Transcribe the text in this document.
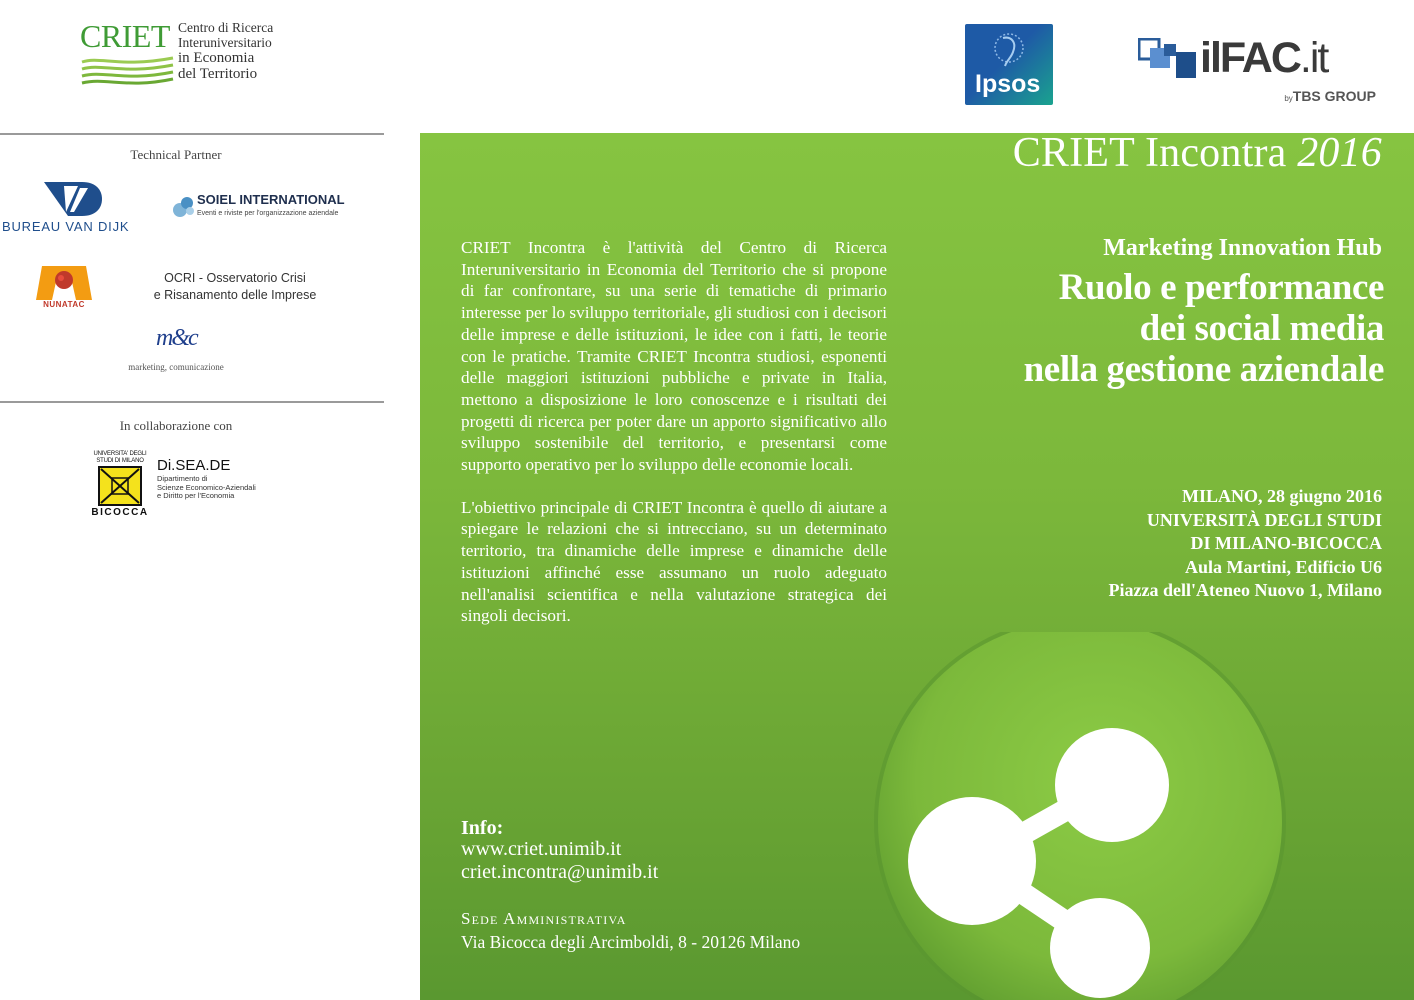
CRIET Centro di Ricerca
Interuniversitario
in Economia
del Territorio	Ipsos
ilFAC.it
byTBS GROUP
Technical Partner
BUREAU VAN DIJK
SOIEL INTERNATIONAL
Eventi e riviste per l'organizzazione aziendale
NUNATAC
OCRI - Osservatorio Crisi
e Risanamento delle Imprese
m&c
marketing, comunicazione
In collaborazione con
UNIVERSITA' DEGLI STUDI DI MILANO
BICOCCA
Di.SEA.DE
Dipartimento di
Scienze Economico-Aziendali
e Diritto per l'Economia
CRIET Incontra 2016
Marketing Innovation Hub
Ruolo e performance
dei social media
nella gestione aziendale
MILANO, 28 giugno 2016
UNIVERSITÀ DEGLI STUDI
DI MILANO-BICOCCA
Aula Martini, Edificio U6
Piazza dell'Ateneo Nuovo 1, Milano

CRIET Incontra è l'attività del Centro di Ricerca Interuniversitario in Economia del Territorio che si propone di far confrontare, su una serie di tematiche di primario interesse per lo sviluppo territoriale, gli studiosi con i decisori delle imprese e delle istituzioni, le idee con i fatti, le teorie con le pratiche. Tramite CRIET Incontra studiosi, esponenti delle maggiori istituzioni pubbliche e private in Italia, mettono a disposizione le loro conoscenze e i risultati dei progetti di ricerca per poter dare un apporto significativo allo sviluppo sostenibile del territorio, e presentarsi come supporto operativo per lo sviluppo delle economie locali.

L'obiettivo principale di CRIET Incontra è quello di aiutare a spiegare le relazioni che si intrecciano, su un determinato territorio, tra dinamiche delle imprese e dinamiche delle istituzioni affinché esse assumano un ruolo adeguato nell'analisi scientifica e nella valutazione strategica dei singoli decisori.

Info:
www.criet.unimib.it
criet.incontra@unimib.it
Sede Amministrativa
Via Bicocca degli Arcimboldi, 8 - 20126 Milano
